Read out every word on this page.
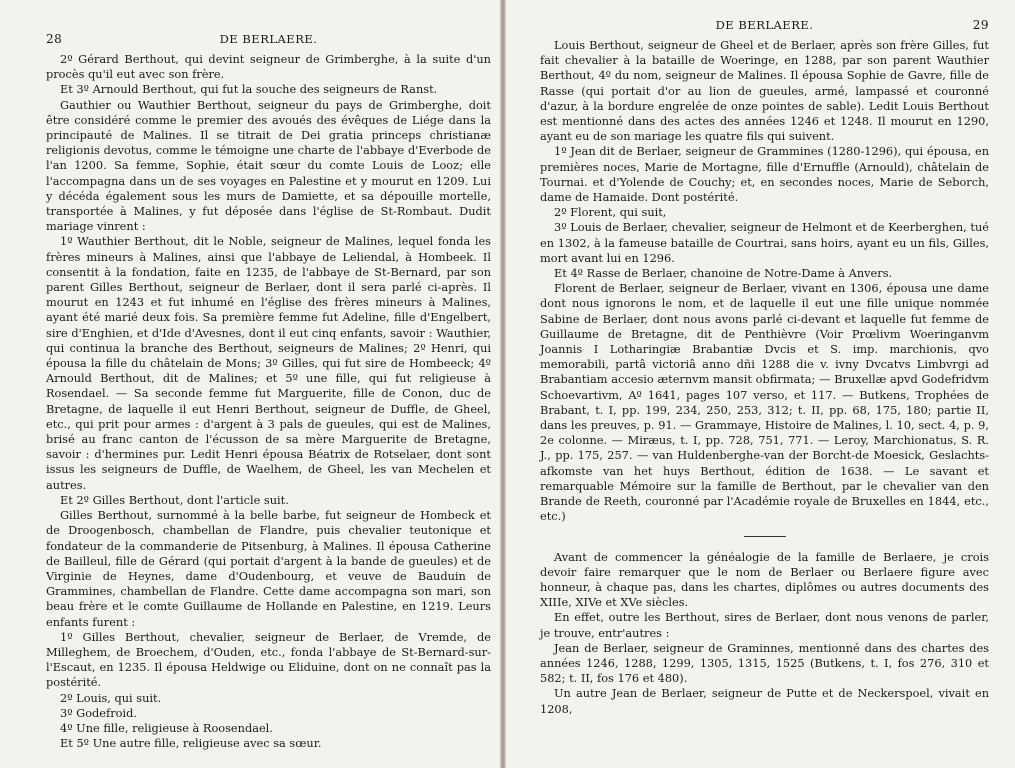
28	DE BERLAERE.

2º Gérard Berthout, qui devint seigneur de Grimberghe, à la suite d'un procès qu'il eut avec son frère.

Et 3º Arnould Berthout, qui fut la souche des seigneurs de Ranst.

Gauthier ou Wauthier Berthout, seigneur du pays de Grimberghe, doit être considéré comme le premier des avoués des évêques de Liége dans la principauté de Malines. Il se titrait de Dei gratia princeps christianæ religionis devotus, comme le témoigne une charte de l'abbaye d'Everbode de l'an 1200. Sa femme, Sophie, était sœur du comte Louis de Looz; elle l'accompagna dans un de ses voyages en Palestine et y mourut en 1209. Lui y décéda également sous les murs de Damiette, et sa dépouille mortelle, transportée à Malines, y fut déposée dans l'église de St-Rombaut. Dudit mariage vinrent :

1º Wauthier Berthout, dit le Noble, seigneur de Malines, lequel fonda les frères mineurs à Malines, ainsi que l'abbaye de Leliendal, à Hombeek. Il consentit à la fondation, faite en 1235, de l'abbaye de St-Bernard, par son parent Gilles Berthout, seigneur de Berlaer, dont il sera parlé ci-après. Il mourut en 1243 et fut inhumé en l'église des frères mineurs à Malines, ayant été marié deux fois. Sa première femme fut Adeline, fille d'Engelbert, sire d'Enghien, et d'Ide d'Avesnes, dont il eut cinq enfants, savoir : Wauthier, qui continua la branche des Berthout, seigneurs de Malines; 2º Henri, qui épousa la fille du châtelain de Mons; 3º Gilles, qui fut sire de Hombeeck; 4º Arnould Berthout, dit de Malines; et 5º une fille, qui fut religieuse à Rosendael. — Sa seconde femme fut Marguerite, fille de Conon, duc de Bretagne, de laquelle il eut Henri Berthout, seigneur de Duffle, de Gheel, etc., qui prit pour armes : d'argent à 3 pals de gueules, qui est de Malines, brisé au franc canton de l'écusson de sa mère Marguerite de Bretagne, savoir : d'hermines pur. Ledit Henri épousa Béatrix de Rotselaer, dont sont issus les seigneurs de Duffle, de Waelhem, de Gheel, les van Mechelen et autres.

Et 2º Gilles Berthout, dont l'article suit.

Gilles Berthout, surnommé à la belle barbe, fut seigneur de Hombeck et de Droogenbosch, chambellan de Flandre, puis chevalier teutonique et fondateur de la commanderie de Pitsenburg, à Malines. Il épousa Catherine de Bailleul, fille de Gérard (qui portait d'argent à la bande de gueules) et de Virginie de Heynes, dame d'Oudenbourg, et veuve de Bauduin de Grammines, chambellan de Flandre. Cette dame accompagna son mari, son beau frère et le comte Guillaume de Hollande en Palestine, en 1219. Leurs enfants furent :

1º Gilles Berthout, chevalier, seigneur de Berlaer, de Vremde, de Milleghem, de Broechem, d'Ouden, etc., fonda l'abbaye de St-Bernard-sur-l'Escaut, en 1235. Il épousa Heldwige ou Eliduine, dont on ne connaît pas la postérité.

2º Louis, qui suit.

3º Godefroid.

4º Une fille, religieuse à Roosendael.

Et 5º Une autre fille, religieuse avec sa sœur.

DE BERLAERE.	29

Louis Berthout, seigneur de Gheel et de Berlaer, après son frère Gilles, fut fait chevalier à la bataille de Woeringe, en 1288, par son parent Wauthier Berthout, 4º du nom, seigneur de Malines. Il épousa Sophie de Gavre, fille de Rasse (qui portait d'or au lion de gueules, armé, lampassé et couronné d'azur, à la bordure engrelée de onze pointes de sable). Ledit Louis Berthout est mentionné dans des actes des années 1246 et 1248. Il mourut en 1290, ayant eu de son mariage les quatre fils qui suivent.

1º Jean dit de Berlaer, seigneur de Grammines (1280-1296), qui épousa, en premières noces, Marie de Mortagne, fille d'Ernuffle (Arnould), châtelain de Tournai. et d'Yolende de Couchy; et, en secondes noces, Marie de Seborch, dame de Hamaide. Dont postérité.

2º Florent, qui suit,

3º Louis de Berlaer, chevalier, seigneur de Helmont et de Keerberghen, tué en 1302, à la fameuse bataille de Courtrai, sans hoirs, ayant eu un fils, Gilles, mort avant lui en 1296.

Et 4º Rasse de Berlaer, chanoine de Notre-Dame à Anvers.

Florent de Berlaer, seigneur de Berlaer, vivant en 1306, épousa une dame dont nous ignorons le nom, et de laquelle il eut une fille unique nommée Sabine de Berlaer, dont nous avons parlé ci-devant et laquelle fut femme de Guillaume de Bretagne, dit de Penthièvre (Voir Prœlivm Woeringanvm Joannis I Lotharingiæ Brabantiæ Dvcis et S. imp. marchionis, qvo memorabili, partâ victoriâ anno dñi 1288 die v. ivny Dvcatvs Limbvrgi ad Brabantiam accesio æternvm mansit obfirmata; — Bruxellæ apvd Godefridvm Schoevartivm, Aº 1641, pages 107 verso, et 117. — Butkens, Trophées de Brabant, t. I, pp. 199, 234, 250, 253, 312; t. II, pp. 68, 175, 180; partie II, dans les preuves, p. 91. — Grammaye, Histoire de Malines, l. 10, sect. 4, p. 9, 2e colonne. — Miræus, t. I, pp. 728, 751, 771. — Leroy, Marchionatus, S. R. J., pp. 175, 257. — van Huldenberghe-van der Borcht-de Moesick, Geslachts-afkomste van het huys Berthout, édition de 1638. — Le savant et remarquable Mémoire sur la famille de Berthout, par le chevalier van den Brande de Reeth, couronné par l'Académie royale de Bruxelles en 1844, etc., etc.)

Avant de commencer la généalogie de la famille de Berlaere, je crois devoir faire remarquer que le nom de Berlaer ou Berlaere figure avec honneur, à chaque pas, dans les chartes, diplômes ou autres documents des XIIIe, XIVe et XVe siècles.

En effet, outre les Berthout, sires de Berlaer, dont nous venons de parler, je trouve, entr'autres :

Jean de Berlaer, seigneur de Graminnes, mentionné dans des chartes des années 1246, 1288, 1299, 1305, 1315, 1525 (Butkens, t. I, fos 276, 310 et 582; t. II, fos 176 et 480).

Un autre Jean de Berlaer, seigneur de Putte et de Neckerspoel, vivait en 1208,
